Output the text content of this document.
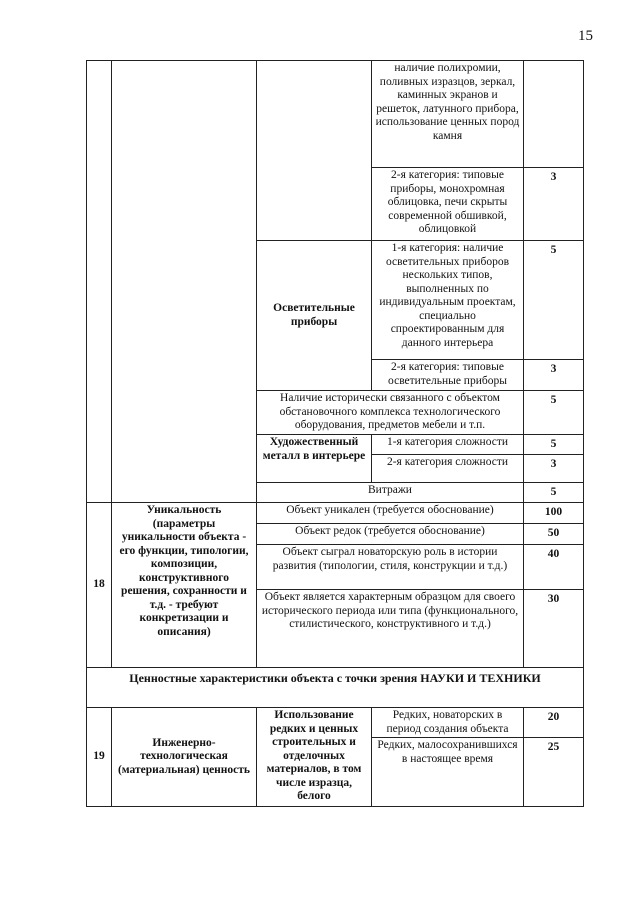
15
			наличие полихромии, поливных изразцов, зеркал, каминных экранов и решеток, латунного прибора, использование ценных пород камня	
			2-я категория: типовые приборы, монохромная облицовка, печи скрыты современной обшивкой, облицовкой	3
		Осветительные приборы	1-я категория: наличие осветительных приборов нескольких типов, выполненных по индивидуальным проектам, специально спроектированным для данного интерьера	5
			2-я категория: типовые осветительные приборы	3
		Наличие исторически связанного с объектом обстановочного комплекса технологического оборудования, предметов мебели и т.п.		5
		Художественный металл в интерьере	1-я категория сложности	5
			2-я категория сложности	3
		Витражи		5
18	Уникальность (параметры уникальности объекта - его функции, типологии, композиции, конструктивного решения, сохранности и т.д. - требуют конкретизации и описания)	Объект уникален (требуется обоснование)		100
		Объект редок (требуется обоснование)		50
		Объект сыграл новаторскую роль в истории развития (типологии, стиля, конструкции и т.д.)		40
		Объект является характерным образцом для своего исторического периода или типа (функционального, стилистического, конструктивного и т.д.)		30
Ценностные характеристики объекта с точки зрения НАУКИ И ТЕХНИКИ				
19	Инженерно-технологическая (материальная) ценность	Использование редких и ценных строительных и отделочных материалов, в том числе изразца, белого	Редких, новаторских в период создания объекта	20
			Редких, малосохранившихся в настоящее время	25
